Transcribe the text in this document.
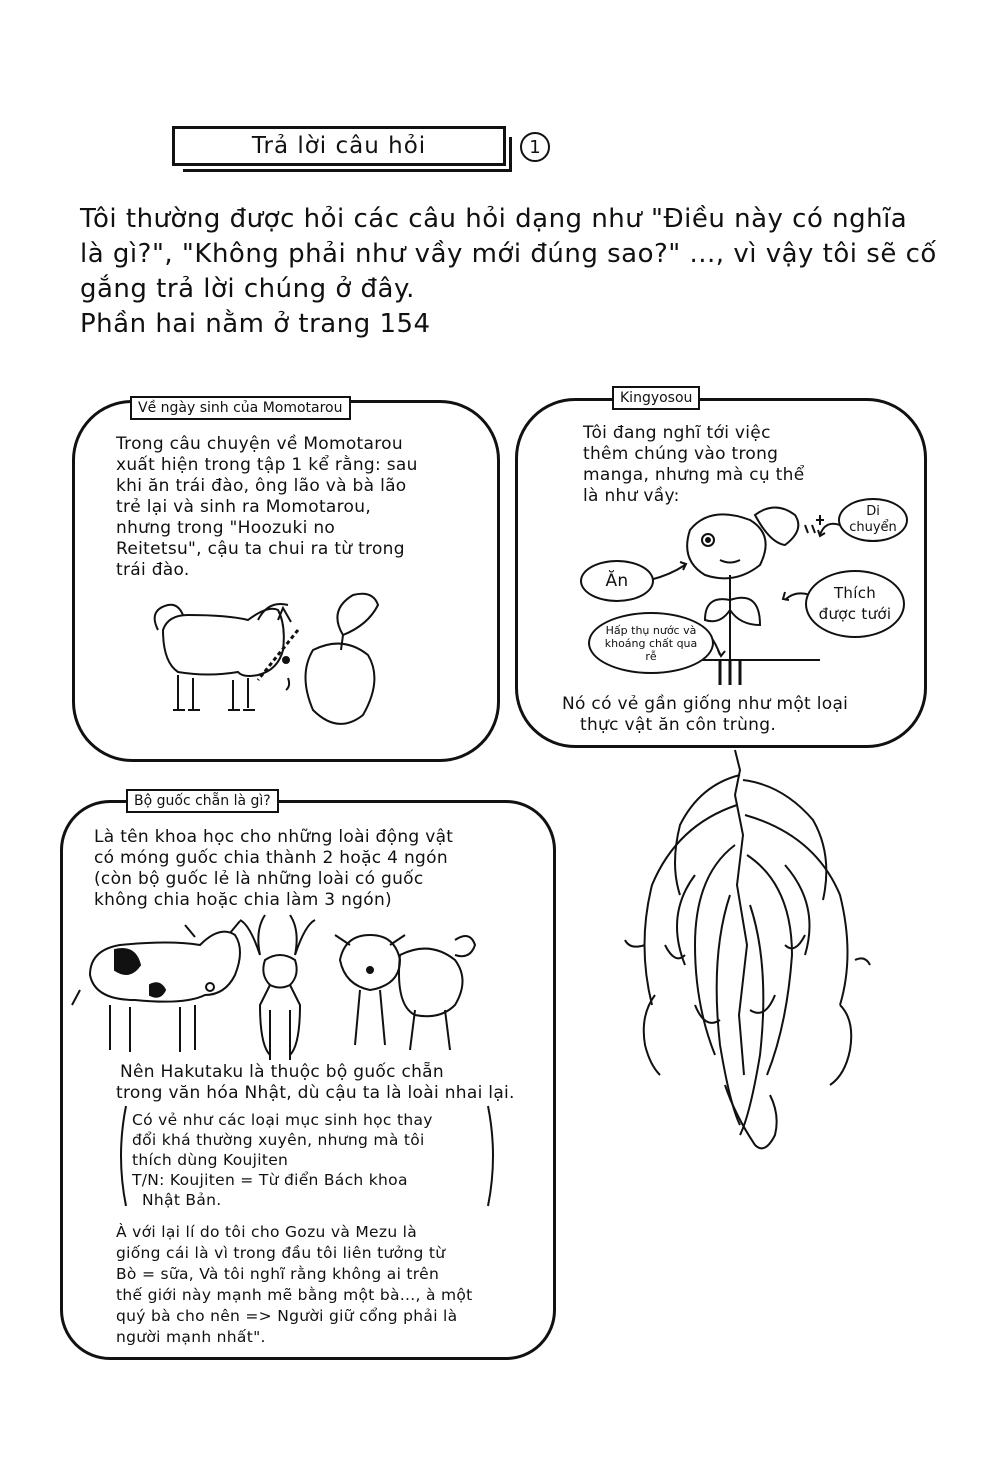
Trả lời câu hỏi	1
Tôi thường được hỏi các câu hỏi dạng như "Điều này có nghĩa
là gì?", "Không phải như vầy mới đúng sao?" ..., vì vậy tôi sẽ cố
gắng trả lời chúng ở đây.
Phần hai nằm ở trang 154
Về ngày sinh của Momotarou
Trong câu chuyện về Momotarou
xuất hiện trong tập 1 kể rằng: sau
khi ăn trái đào, ông lão và bà lão
trẻ lại và sinh ra Momotarou,
nhưng trong "Hoozuki no
Reitetsu", cậu ta chui ra từ trong
trái đào.
Kingyosou
Tôi đang nghĩ tới việc
thêm chúng vào trong
manga, nhưng mà cụ thể
là như vầy:
Di chuyển
Ăn
Thích được tưới
Hấp thụ nước và khoáng chất qua rễ
Nó có vẻ gần giống như một loại
thực vật ăn côn trùng.
Bộ guốc chẵn là gì?
Là tên khoa học cho những loài động vật
có móng guốc chia thành 2 hoặc 4 ngón
(còn bộ guốc lẻ là những loài có guốc
không chia hoặc chia làm 3 ngón)
Nên Hakutaku là thuộc bộ guốc chẵn
trong văn hóa Nhật, dù cậu ta là loài nhai lại.
Có vẻ như các loại mục sinh học thay
đổi khá thường xuyên, nhưng mà tôi
thích dùng Koujiten
T/N: Koujiten = Từ điển Bách khoa
Nhật Bản.
À với lại lí do tôi cho Gozu và Mezu là
giống cái là vì trong đầu tôi liên tưởng từ
Bò = sữa, Và tôi nghĩ rằng không ai trên
thế giới này mạnh mẽ bằng một bà..., à một
quý bà cho nên => Người giữ cổng phải là
người mạnh nhất".
